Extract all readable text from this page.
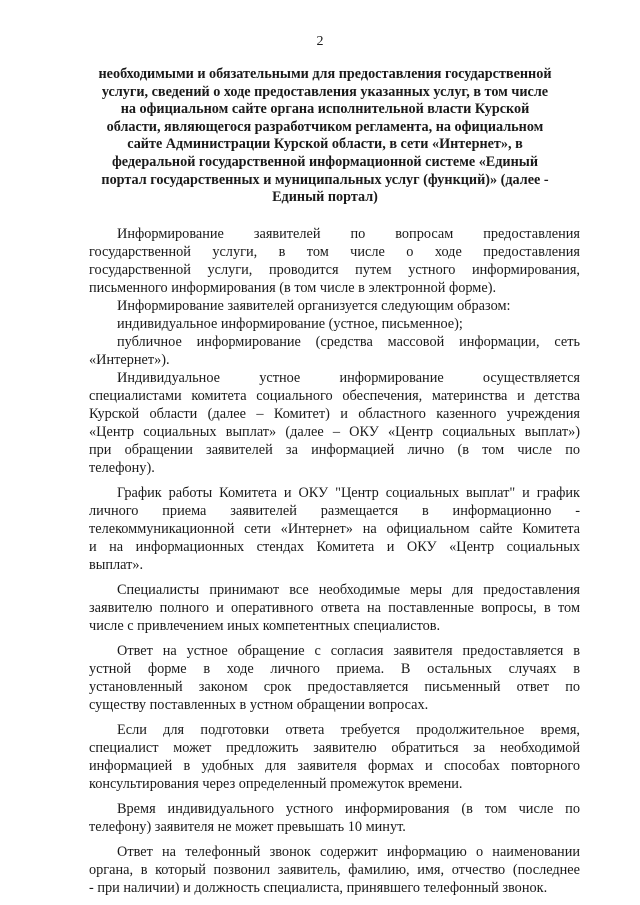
2
необходимыми и обязательными для предоставления государственной
услуги, сведений о ходе предоставления указанных услуг, в том числе
на официальном сайте органа исполнительной власти Курской
области, являющегося разработчиком регламента, на официальном
сайте Администрации Курской области, в сети «Интернет», в
федеральной государственной информационной системе «Единый
портал государственных и муниципальных услуг (функций)» (далее -
Единый портал)
Информирование заявителей по вопросам предоставления
государственной услуги, в том числе о ходе предоставления
государственной услуги, проводится путем устного информирования,
письменного информирования (в том числе в электронной форме).
Информирование заявителей организуется следующим образом:
индивидуальное информирование (устное, письменное);
публичное информирование (средства массовой информации, сеть
«Интернет»).
Индивидуальное устное информирование осуществляется
специалистами комитета социального обеспечения, материнства и детства
Курской области (далее – Комитет) и областного казенного учреждения
«Центр социальных выплат» (далее – ОКУ «Центр социальных выплат»)
при обращении заявителей за информацией лично (в том числе по
телефону).
График работы Комитета и ОКУ "Центр социальных выплат" и график
личного приема заявителей размещается в информационно -
телекоммуникационной сети «Интернет» на официальном сайте Комитета
и на информационных стендах Комитета и ОКУ «Центр социальных
выплат».
Специалисты принимают все необходимые меры для предоставления
заявителю полного и оперативного ответа на поставленные вопросы, в том
числе с привлечением иных компетентных специалистов.
Ответ на устное обращение с согласия заявителя предоставляется в
устной форме в ходе личного приема. В остальных случаях в
установленный законом срок предоставляется письменный ответ по
существу поставленных в устном обращении вопросах.
Если для подготовки ответа требуется продолжительное время,
специалист может предложить заявителю обратиться за необходимой
информацией в удобных для заявителя формах и способах повторного
консультирования через определенный промежуток времени.
Время индивидуального устного информирования (в том числе по
телефону) заявителя не может превышать 10 минут.
Ответ на телефонный звонок содержит информацию о наименовании
органа, в который позвонил заявитель, фамилию, имя, отчество (последнее
- при наличии) и должность специалиста, принявшего телефонный звонок.
